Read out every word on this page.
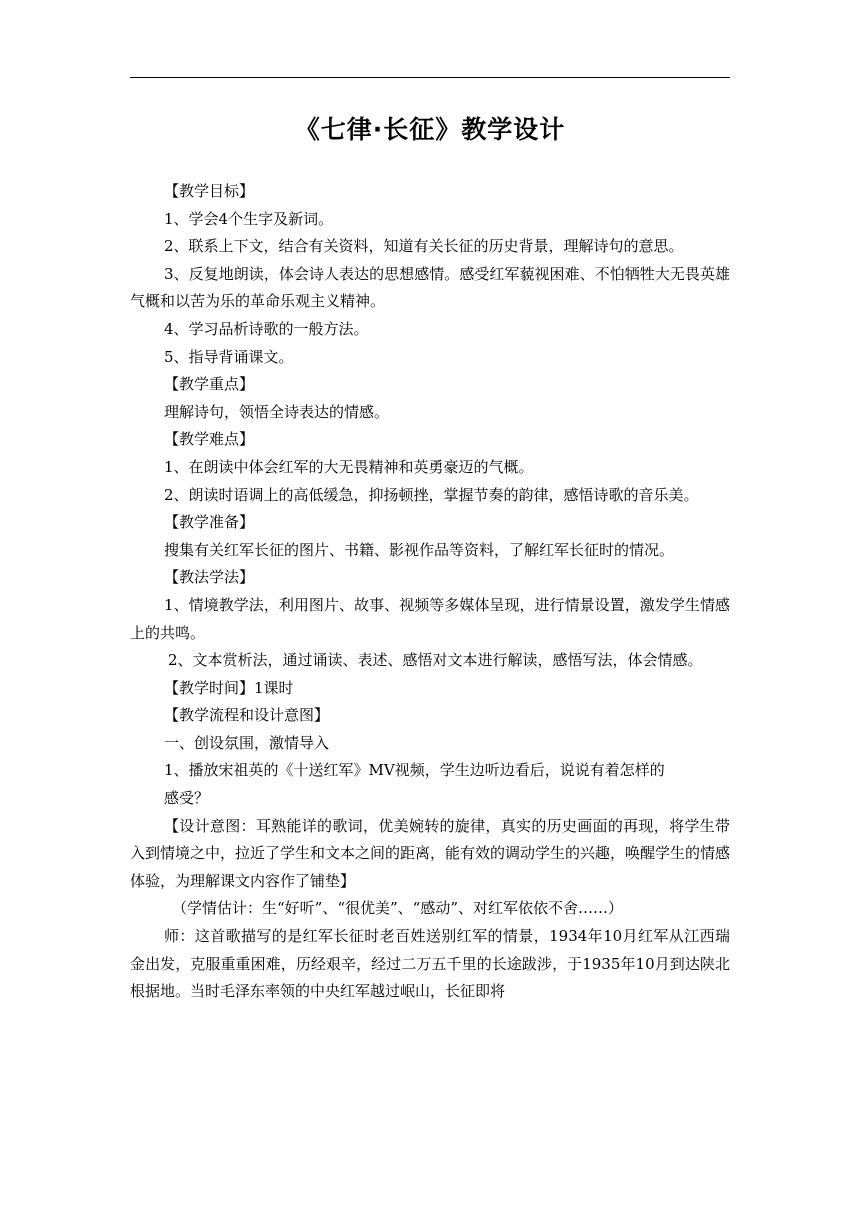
《七律·长征》教学设计

【教学目标】

1、学会4个生字及新词。

2、联系上下文，结合有关资料，知道有关长征的历史背景，理解诗句的意思。

3、反复地朗读，体会诗人表达的思想感情。感受红军藐视困难、不怕牺牲大无畏英雄气概和以苦为乐的革命乐观主义精神。

4、学习品析诗歌的一般方法。

5、指导背诵课文。

【教学重点】

理解诗句，领悟全诗表达的情感。

【教学难点】

1、在朗读中体会红军的大无畏精神和英勇豪迈的气概。

2、朗读时语调上的高低缓急，抑扬顿挫，掌握节奏的韵律，感悟诗歌的音乐美。

【教学准备】

搜集有关红军长征的图片、书籍、影视作品等资料，了解红军长征时的情况。

【教法学法】

1、情境教学法，利用图片、故事、视频等多媒体呈现，进行情景设置，激发学生情感上的共鸣。

2、文本赏析法，通过诵读、表述、感悟对文本进行解读，感悟写法，体会情感。

【教学时间】1课时

【教学流程和设计意图】

一、创设氛围，激情导入

1、播放宋祖英的《十送红军》MV视频，学生边听边看后，说说有着怎样的

感受？

【设计意图：耳熟能详的歌词，优美婉转的旋律，真实的历史画面的再现，将学生带入到情境之中，拉近了学生和文本之间的距离，能有效的调动学生的兴趣，唤醒学生的情感体验，为理解课文内容作了铺垫】

（学情估计：生“好听”、“很优美”、“感动”、对红军依依不舍……）

师：这首歌描写的是红军长征时老百姓送别红军的情景，1934年10月红军从江西瑞金出发，克服重重困难，历经艰辛，经过二万五千里的长途跋涉，于1935年10月到达陕北根据地。当时毛泽东率领的中央红军越过岷山，长征即将
